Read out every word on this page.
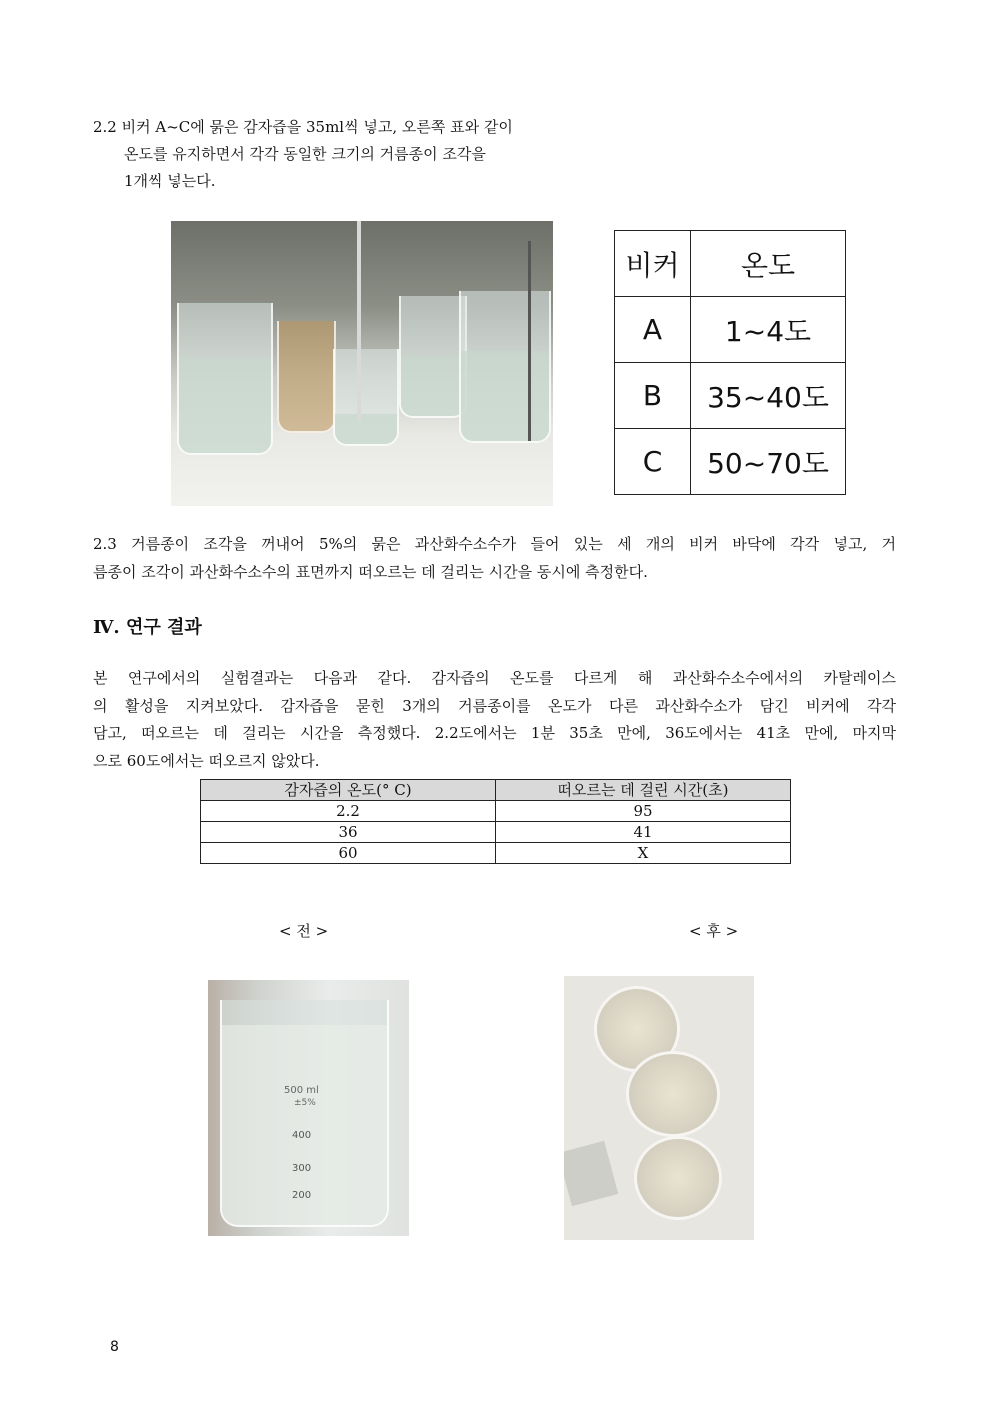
2.2 비커 A~C에 묽은 감자즙을 35ml씩 넣고, 오른쪽 표와 같이
온도를 유지하면서 각각 동일한 크기의 거름종이 조각을
1개씩 넣는다.
비커	온도
A	1~4도
B	35~40도
C	50~70도
2.3 거름종이 조각을 꺼내어 5%의 묽은 과산화수소수가 들어 있는 세 개의 비커 바닥에 각각 넣고, 거
름종이 조각이 과산화수소수의 표면까지 떠오르는 데 걸리는 시간을 동시에 측정한다.
Ⅳ. 연구 결과
본 연구에서의 실험결과는 다음과 같다. 감자즙의 온도를 다르게 해 과산화수소수에서의 카탈레이스
의 활성을 지켜보았다. 감자즙을 묻힌 3개의 거름종이를 온도가 다른 과산화수소가 담긴 비커에 각각
담고, 떠오르는 데 걸리는 시간을 측정했다. 2.2도에서는 1분 35초 만에, 36도에서는 41초 만에, 마지막
으로 60도에서는 떠오르지 않았다.
감자즙의 온도(° C)	떠오르는 데 걸린 시간(초)
2.2	95
36	41
60	X
< 전 >	< 후 >
500 ml
±5%
400
300
200
8
